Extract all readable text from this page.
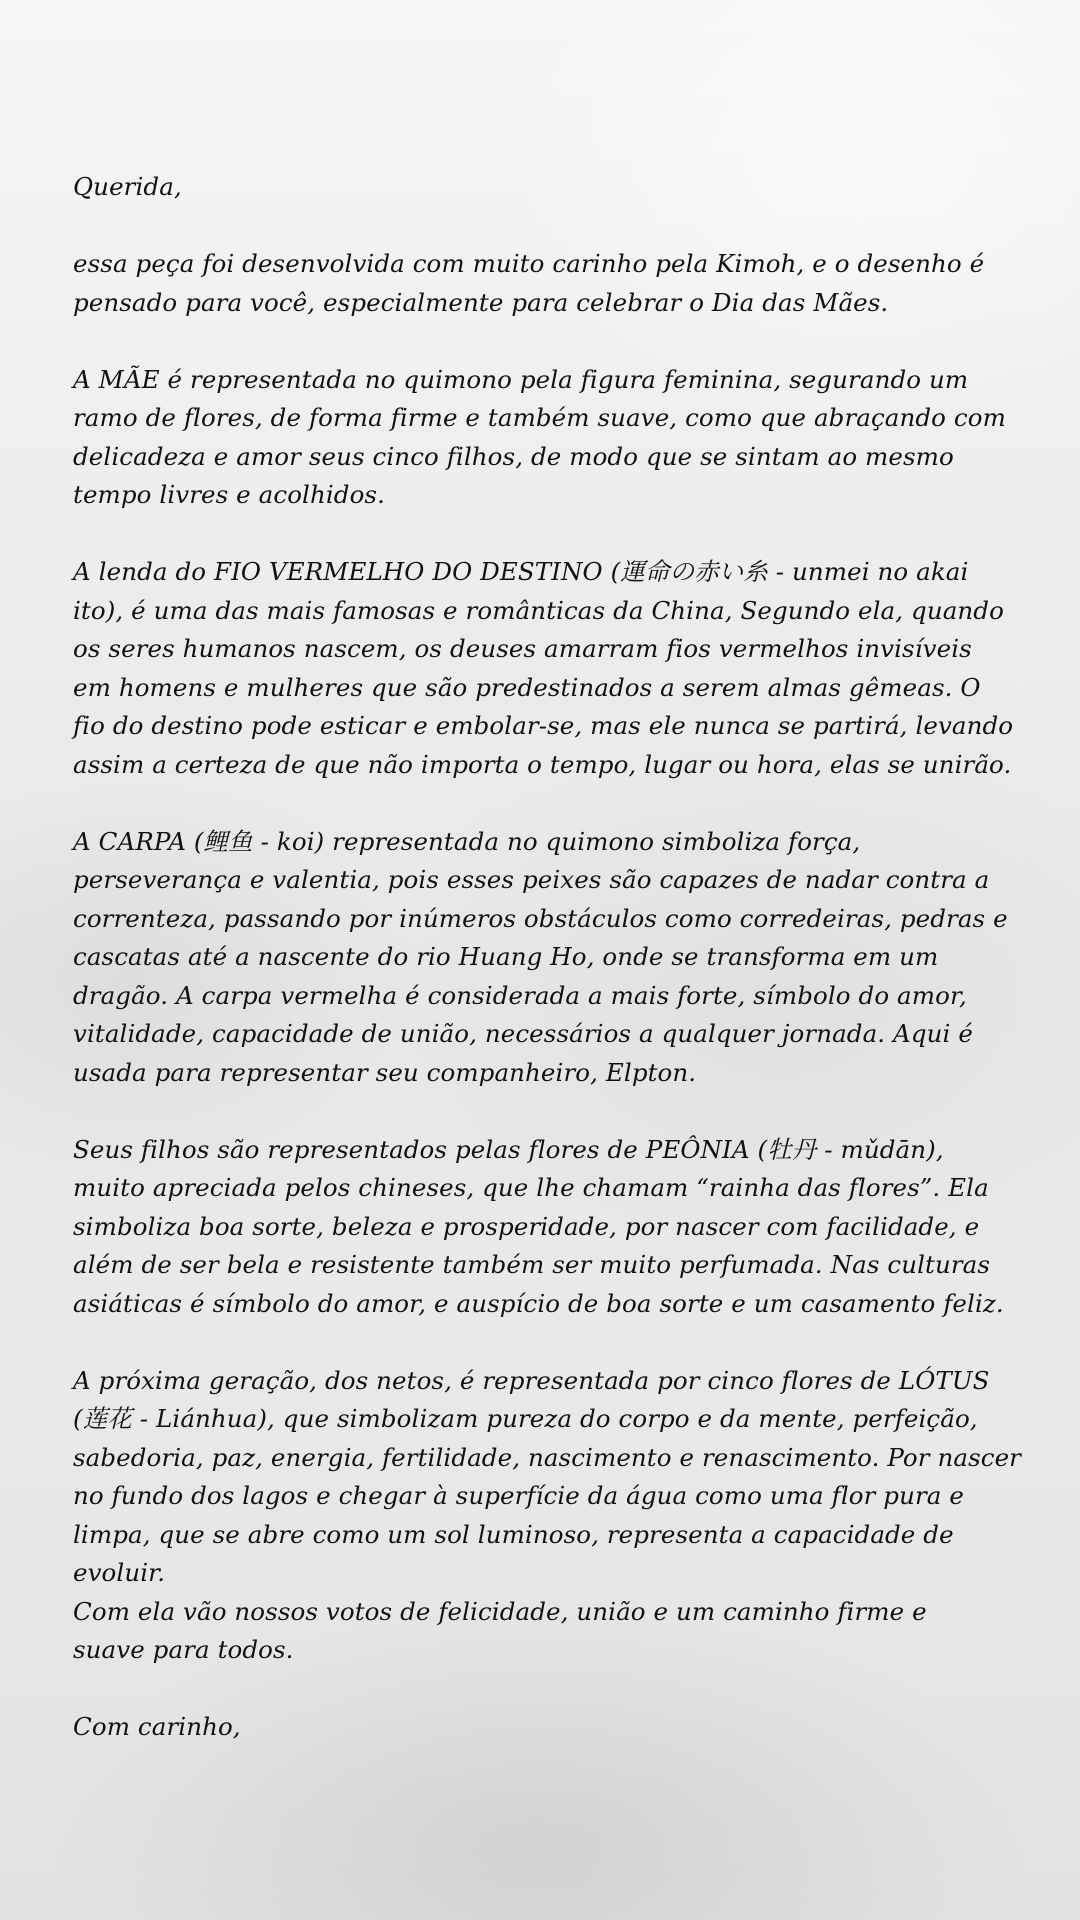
Querida,

essa peça foi desenvolvida com muito carinho pela Kimoh, e o desenho é
pensado para você, especialmente para celebrar o Dia das Mães.

A MÃE é representada no quimono pela figura feminina, segurando um
ramo de flores, de forma firme e também suave, como que abraçando com
delicadeza e amor seus cinco filhos, de modo que se sintam ao mesmo
tempo livres e acolhidos.

A lenda do FIO VERMELHO DO DESTINO (運命の赤い糸 - unmei no akai
ito), é uma das mais famosas e românticas da China, Segundo ela, quando
os seres humanos nascem, os deuses amarram fios vermelhos invisíveis
em homens e mulheres que são predestinados a serem almas gêmeas. O
fio do destino pode esticar e embolar-se, mas ele nunca se partirá, levando
assim a certeza de que não importa o tempo, lugar ou hora, elas se unirão.

A CARPA (鲤鱼 - koi) representada no quimono simboliza força,
perseverança e valentia, pois esses peixes são capazes de nadar contra a
correnteza, passando por inúmeros obstáculos como corredeiras, pedras e
cascatas até a nascente do rio Huang Ho, onde se transforma em um
dragão. A carpa vermelha é considerada a mais forte, símbolo do amor,
vitalidade, capacidade de união, necessários a qualquer jornada. Aqui é
usada para representar seu companheiro, Elpton.

Seus filhos são representados pelas flores de PEÔNIA (牡丹 - mǔdān),
muito apreciada pelos chineses, que lhe chamam “rainha das flores”. Ela
simboliza boa sorte, beleza e prosperidade, por nascer com facilidade, e
além de ser bela e resistente também ser muito perfumada. Nas culturas
asiáticas é símbolo do amor, e auspício de boa sorte e um casamento feliz.

A próxima geração, dos netos, é representada por cinco flores de LÓTUS
(莲花 - Liánhua), que simbolizam pureza do corpo e da mente, perfeição,
sabedoria, paz, energia, fertilidade, nascimento e renascimento. Por nascer
no fundo dos lagos e chegar à superfície da água como uma flor pura e
limpa, que se abre como um sol luminoso, representa a capacidade de
evoluir.
Com ela vão nossos votos de felicidade, união e um caminho firme e
suave para todos.

Com carinho,
